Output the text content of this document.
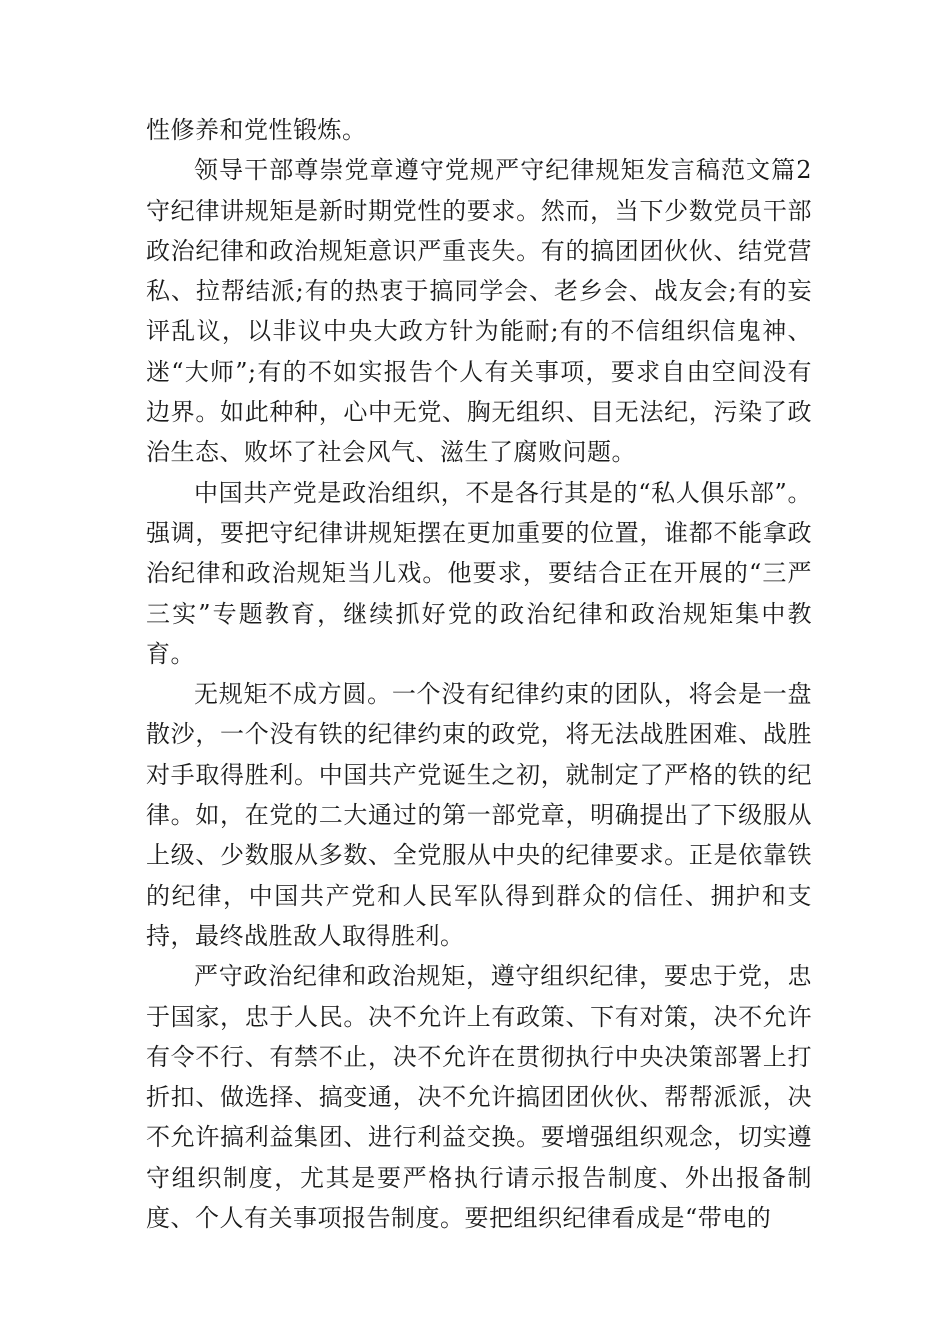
性修养和党性锻炼。

领导干部尊崇党章遵守党规严守纪律规矩发言稿范文篇2守纪律讲规矩是新时期党性的要求。然而，当下少数党员干部政治纪律和政治规矩意识严重丧失。有的搞团团伙伙、结党营私、拉帮结派;有的热衷于搞同学会、老乡会、战友会;有的妄评乱议，以非议中央大政方针为能耐;有的不信组织信鬼神、迷“大师”;有的不如实报告个人有关事项，要求自由空间没有边界。如此种种，心中无党、胸无组织、目无法纪，污染了政治生态、败坏了社会风气、滋生了腐败问题。

中国共产党是政治组织，不是各行其是的“私人俱乐部”。强调，要把守纪律讲规矩摆在更加重要的位置，谁都不能拿政治纪律和政治规矩当儿戏。他要求，要结合正在开展的“三严三实”专题教育，继续抓好党的政治纪律和政治规矩集中教育。

无规矩不成方圆。一个没有纪律约束的团队，将会是一盘散沙，一个没有铁的纪律约束的政党，将无法战胜困难、战胜对手取得胜利。中国共产党诞生之初，就制定了严格的铁的纪律。如，在党的二大通过的第一部党章，明确提出了下级服从上级、少数服从多数、全党服从中央的纪律要求。正是依靠铁的纪律，中国共产党和人民军队得到群众的信任、拥护和支持，最终战胜敌人取得胜利。

严守政治纪律和政治规矩，遵守组织纪律，要忠于党，忠于国家，忠于人民。决不允许上有政策、下有对策，决不允许有令不行、有禁不止，决不允许在贯彻执行中央决策部署上打折扣、做选择、搞变通，决不允许搞团团伙伙、帮帮派派，决不允许搞利益集团、进行利益交换。要增强组织观念，切实遵守组织制度，尤其是要严格执行请示报告制度、外出报备制度、个人有关事项报告制度。要把组织纪律看成是“带电的
